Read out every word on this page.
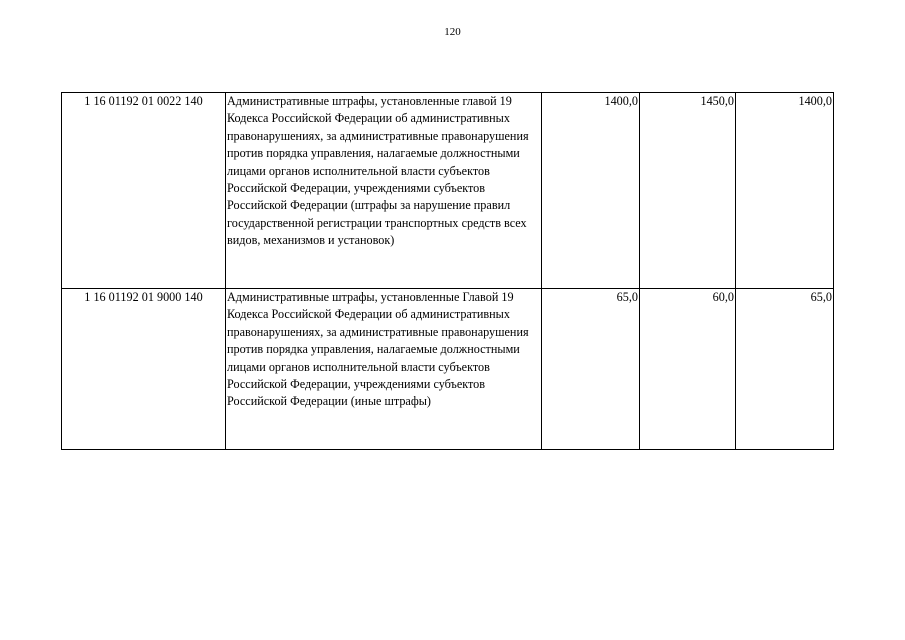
120
1 16 01192 01 0022 140	Административные штрафы, установленные главой 19 Кодекса Российской Федерации об административных правонарушениях, за административные правонарушения против порядка управления, налагаемые должностными лицами органов исполнительной власти субъектов Российской Федерации, учреждениями субъектов Российской Федерации (штрафы за нарушение правил государственной регистрации транспортных средств всех видов, механизмов и установок)	1400,0	1450,0	1400,0
1 16 01192 01 9000 140	Административные штрафы, установленные Главой 19 Кодекса Российской Федерации об административных правонарушениях, за административные правонарушения против порядка управления, налагаемые должностными лицами органов исполнительной власти субъектов Российской Федерации, учреждениями субъектов Российской Федерации (иные штрафы)	65,0	60,0	65,0
